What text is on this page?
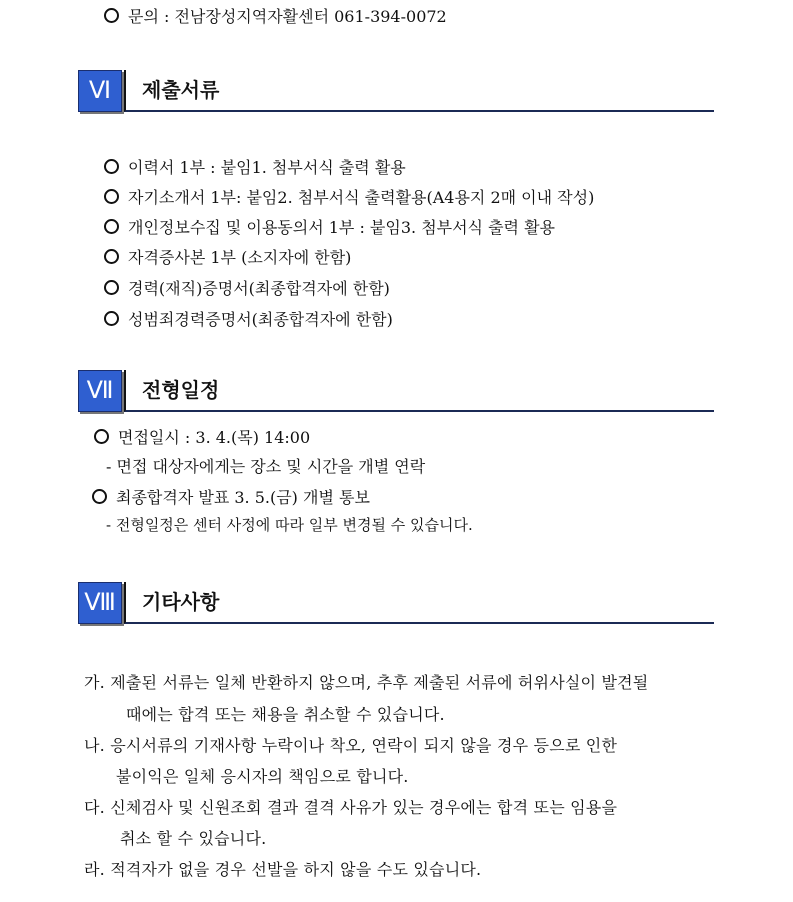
문의 : 전남장성지역자활센터 061-394-0072
Ⅵ	제출서류
이력서 1부 : 붙임1. 첨부서식 출력 활용
자기소개서 1부: 붙임2. 첨부서식 출력활용(A4용지 2매 이내 작성)
개인정보수집 및 이용동의서 1부 : 붙임3. 첨부서식 출력 활용
자격증사본 1부 (소지자에 한함)
경력(재직)증명서(최종합격자에 한함)
성범죄경력증명서(최종합격자에 한함)
Ⅶ	전형일정
면접일시 : 3. 4.(목) 14:00
- 면접 대상자에게는 장소 및 시간을 개별 연락
최종합격자 발표 3. 5.(금) 개별 통보
- 전형일정은 센터 사정에 따라 일부 변경될 수 있습니다.
Ⅷ	기타사항
가. 제출된 서류는 일체 반환하지 않으며, 추후 제출된 서류에 허위사실이 발견될
때에는 합격 또는 채용을 취소할 수 있습니다.
나. 응시서류의 기재사항 누락이나 착오, 연락이 되지 않을 경우 등으로 인한
불이익은 일체 응시자의 책임으로 합니다.
다. 신체검사 및 신원조회 결과 결격 사유가 있는 경우에는 합격 또는 임용을
취소 할 수 있습니다.
라. 적격자가 없을 경우 선발을 하지 않을 수도 있습니다.
